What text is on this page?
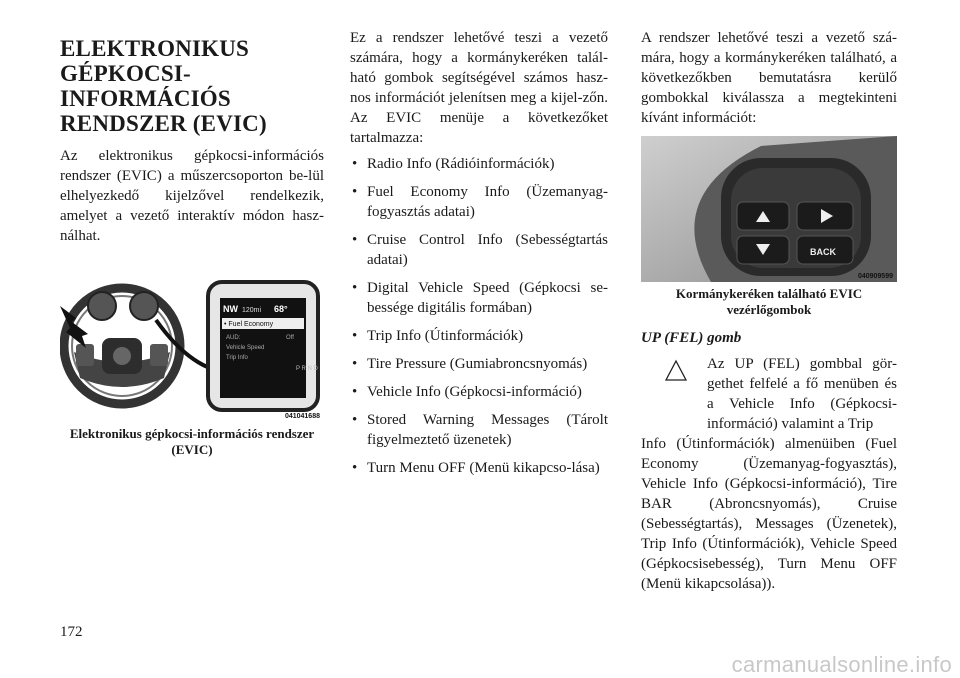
ELEKTRONIKUS
GÉPKOCSI-
INFORMÁCIÓS
RENDSZER (EVIC)

Az elektronikus gépkocsi-információs rendszer (EVIC) a műszercsoporton be-lül elhelyezkedő kijelzővel rendelkezik, amelyet a vezető interaktív módon hasz-nálhat.

NW 120mi 68°
• Fuel Economy
AUD:	Off
Vehicle Speed
Trip Info
P R N D
041041688
Elektronikus gépkocsi-információs rendszer (EVIC)

Ez a rendszer lehetővé teszi a vezető számára, hogy a kormánykeréken talál-ható gombok segítségével számos hasz-nos információt jelenítsen meg a kijel-zőn. Az EVIC menüje a következőket tartalmazza:

• Radio Info (Rádióinformációk)
• Fuel Economy Info (Üzemanyag-fogyasztás adatai)
• Cruise Control Info (Sebességtartás adatai)
• Digital Vehicle Speed (Gépkocsi se-bessége digitális formában)
• Trip Info (Útinformációk)
• Tire Pressure (Gumiabroncsnyomás)
• Vehicle Info (Gépkocsi-információ)
• Stored Warning Messages (Tárolt figyelmeztető üzenetek)
• Turn Menu OFF (Menü kikapcso-lása)

A rendszer lehetővé teszi a vezető szá-mára, hogy a kormánykeréken található, a következőkben bemutatásra kerülő gombokkal kiválassza a megtekinteni kívánt információt:

BACK
040909599
Kormánykeréken található EVIC vezérlőgombok
UP (FEL) gomb

Az UP (FEL) gombbal gör-gethet felfelé a fő menüben és a Vehicle Info (Gépkocsi-információ) valamint a Trip

Info (Útinformációk) almenüiben (Fuel Economy (Üzemanyag-fogyasztás), Vehicle Info (Gépkocsi-információ), Tire BAR (Abroncsnyomás), Cruise (Sebességtartás), Messages (Üzenetek), Trip Info (Útinformációk), Vehicle Speed (Gépkocsisebesség), Turn Menu OFF (Menü kikapcsolása)).

172
carmanualsonline.info
